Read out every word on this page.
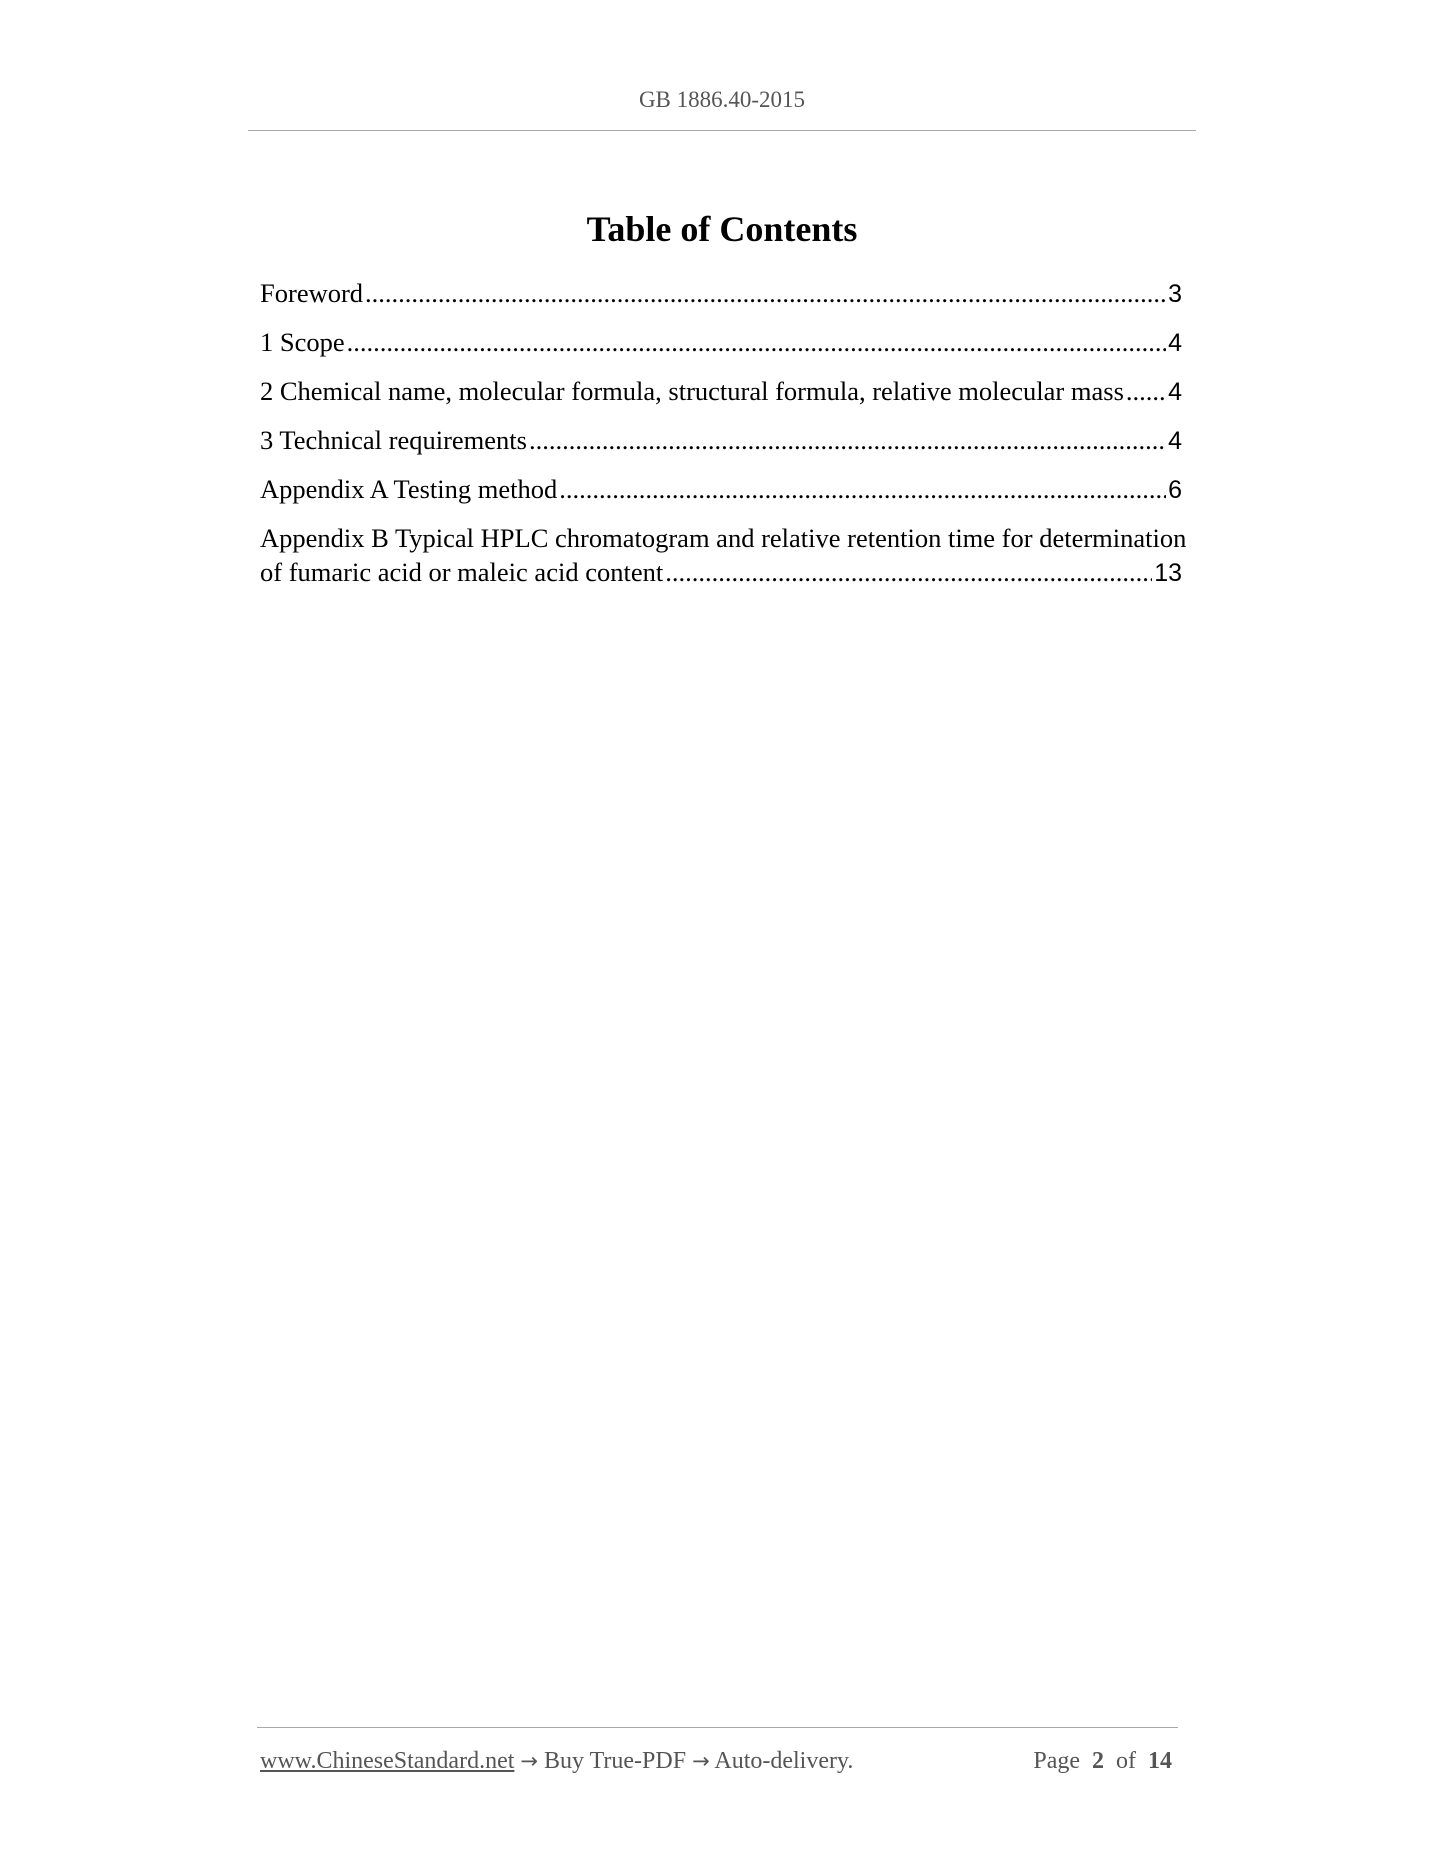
GB 1886.40-2015
Table of Contents
Foreword .....	3
1 Scope .....	4
2 Chemical name, molecular formula, structural formula, relative molecular mass ..... 4
3 Technical requirements .....	4
Appendix A Testing method .....	6
Appendix B Typical HPLC chromatogram and relative retention time for determination
of fumaric acid or maleic acid content .....	13
www.ChineseStandard.net → Buy True-PDF → Auto-delivery.	Page 2 of 14
